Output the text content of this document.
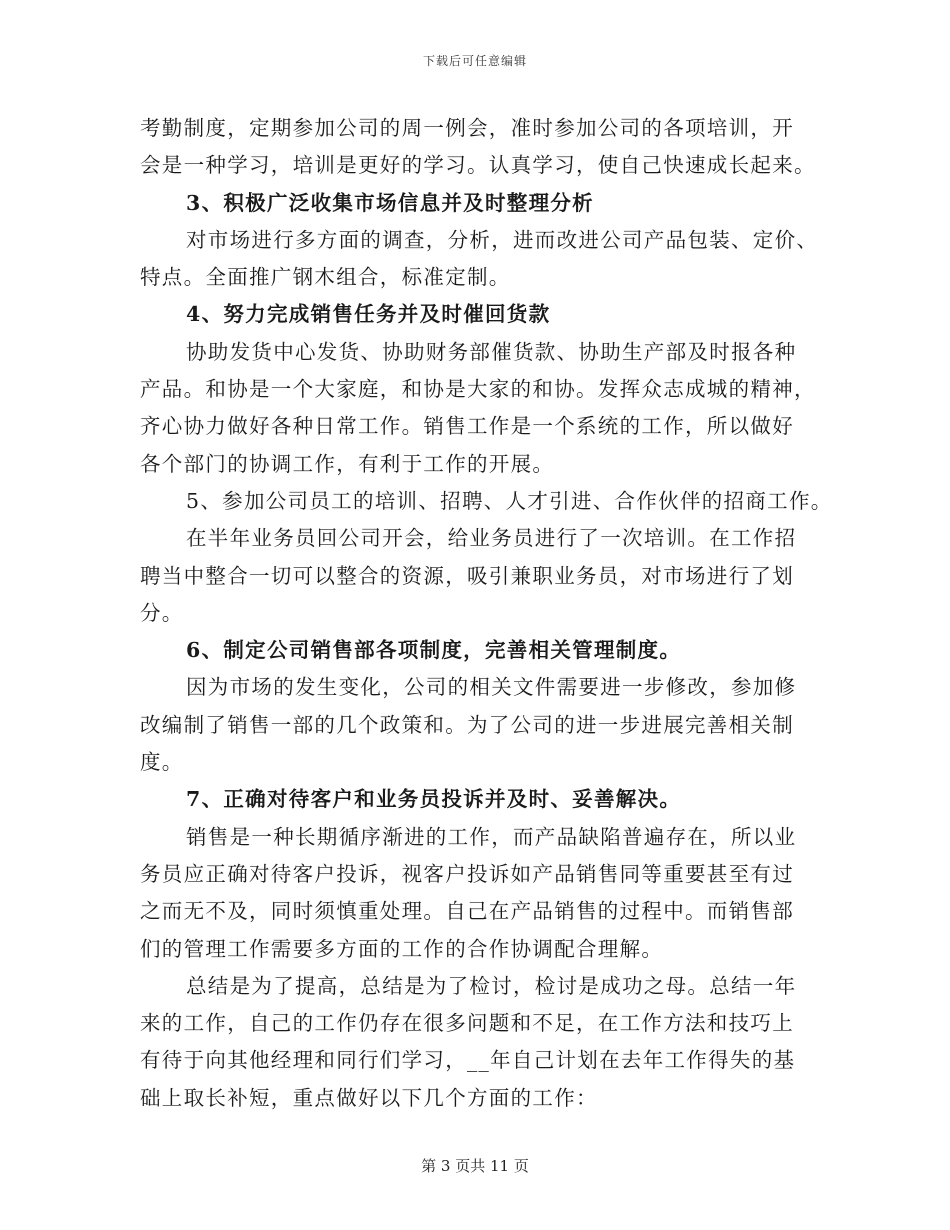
下载后可任意编辑
考勤制度，定期参加公司的周一例会，准时参加公司的各项培训，开
会是一种学习，培训是更好的学习。认真学习，使自己快速成长起来。
3、积极广泛收集市场信息并及时整理分析
对市场进行多方面的调查，分析，进而改进公司产品包装、定价、
特点。全面推广钢木组合，标准定制。
4、努力完成销售任务并及时催回货款
协助发货中心发货、协助财务部催货款、协助生产部及时报各种
产品。和协是一个大家庭，和协是大家的和协。发挥众志成城的精神，
齐心协力做好各种日常工作。销售工作是一个系统的工作，所以做好
各个部门的协调工作，有利于工作的开展。
5、参加公司员工的培训、招聘、人才引进、合作伙伴的招商工作。
在半年业务员回公司开会，给业务员进行了一次培训。在工作招
聘当中整合一切可以整合的资源，吸引兼职业务员，对市场进行了划
分。
6、制定公司销售部各项制度，完善相关管理制度。
因为市场的发生变化，公司的相关文件需要进一步修改，参加修
改编制了销售一部的几个政策和。为了公司的进一步进展完善相关制
度。
7、正确对待客户和业务员投诉并及时、妥善解决。
销售是一种长期循序渐进的工作，而产品缺陷普遍存在，所以业
务员应正确对待客户投诉，视客户投诉如产品销售同等重要甚至有过
之而无不及，同时须慎重处理。自己在产品销售的过程中。而销售部
们的管理工作需要多方面的工作的合作协调配合理解。
总结是为了提高，总结是为了检讨，检讨是成功之母。总结一年
来的工作，自己的工作仍存在很多问题和不足，在工作方法和技巧上
有待于向其他经理和同行们学习，__年自己计划在去年工作得失的基
础上取长补短，重点做好以下几个方面的工作：
第 3 页共 11 页
